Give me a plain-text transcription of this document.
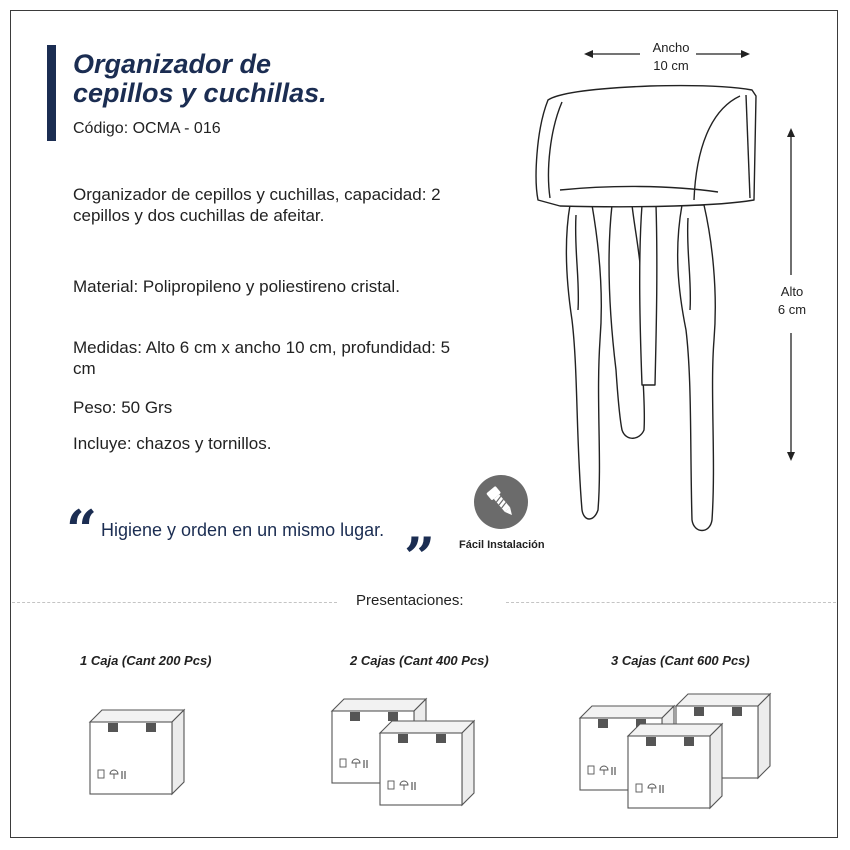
Organizador de
cepillos y cuchillas.
Código: OCMA - 016

Organizador de cepillos y cuchillas, capacidad: 2 cepillos y dos cuchillas de afeitar.

Material: Polipropileno y poliestireno cristal.

Medidas: Alto 6 cm x ancho 10 cm, profundidad: 5 cm

Peso: 50 Grs

Incluye: chazos y tornillos.

“ Higiene y orden en un mismo lugar. ” Fácil Instalación
Ancho
10 cm
Alto
6 cm
Presentaciones:
1 Caja (Cant 200 Pcs)	2 Cajas (Cant 400 Pcs)	3 Cajas (Cant 600 Pcs)
